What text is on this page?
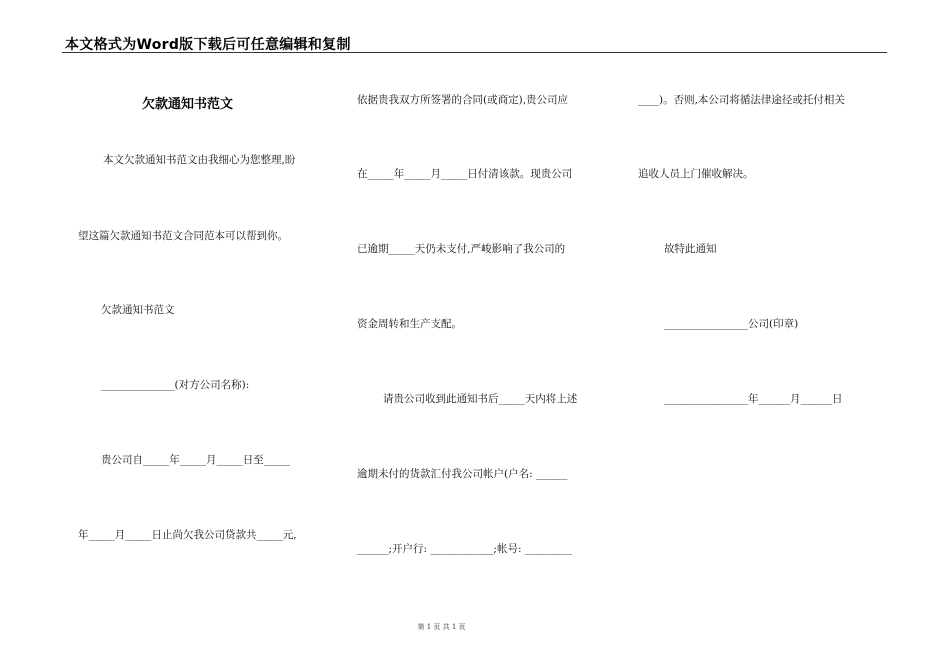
本文格式为Word版下载后可任意编辑和复制
欠款通知书范文
本文欠款通知书范文由我细心为您整理,盼
望这篇欠款通知书范文合同范本可以帮到你。
欠款通知书范文
______________(对方公司名称):
贵公司自_____年_____月_____日至_____
年_____月_____日止尚欠我公司贷款共_____元,
依据贵我双方所签署的合同(或商定),贵公司应
在_____年_____月_____日付清该款。现贵公司
已逾期_____天仍未支付,严峻影响了我公司的
资金周转和生产支配。
请贵公司收到此通知书后_____天内将上述
逾期未付的货款汇付我公司帐户(户名: ______
______;开户行: ____________;帐号: _________
____)。否则,本公司将循法律途径或托付相关
追收人员上门催收解决。
故特此通知
________________公司(印章)
________________年______月______日
第 1 页 共 1 页
